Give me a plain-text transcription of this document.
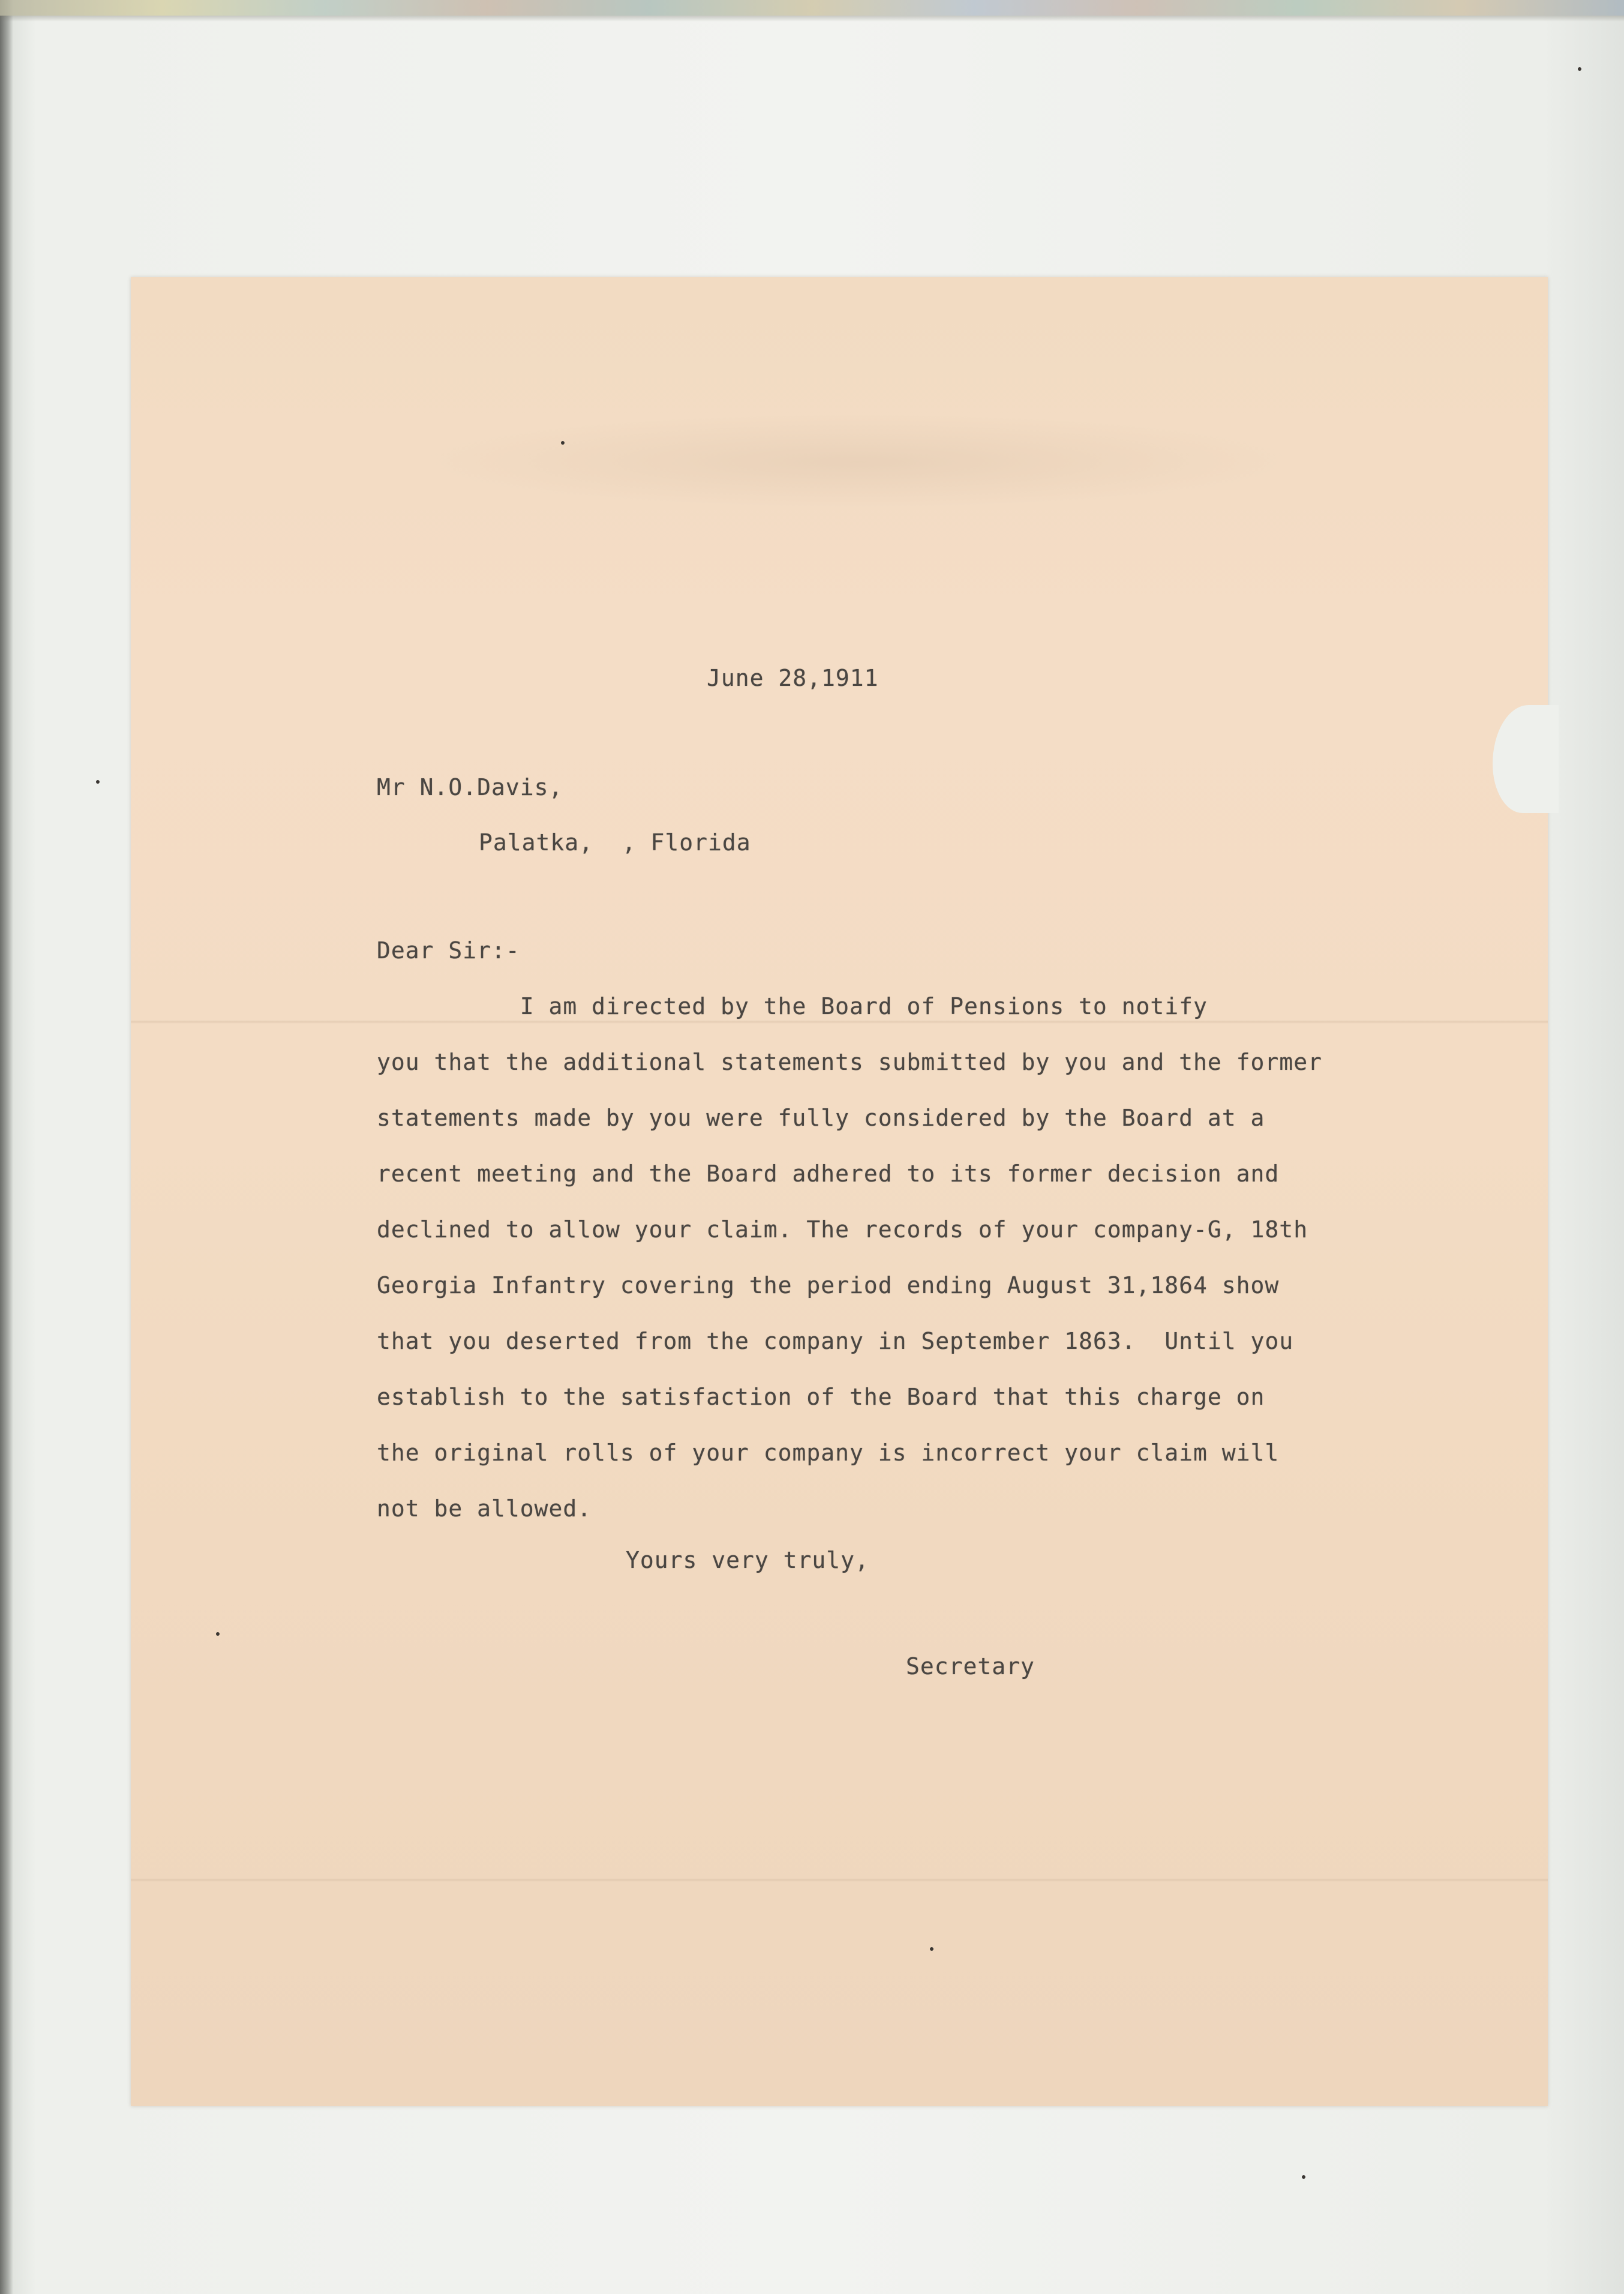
June 28,1911
Mr N.O.Davis,
Palatka,  , Florida
Dear Sir:-
I am directed by the Board of Pensions to notify
you that the additional statements submitted by you and the former
statements made by you were fully considered by the Board at a
recent meeting and the Board adhered to its former decision and
declined to allow your claim. The records of your company-G, 18th
Georgia Infantry covering the period ending August 31,1864 show
that you deserted from the company in September 1863.  Until you
establish to the satisfaction of the Board that this charge on
the original rolls of your company is incorrect your claim will
not be allowed.
Yours very truly,
Secretary
